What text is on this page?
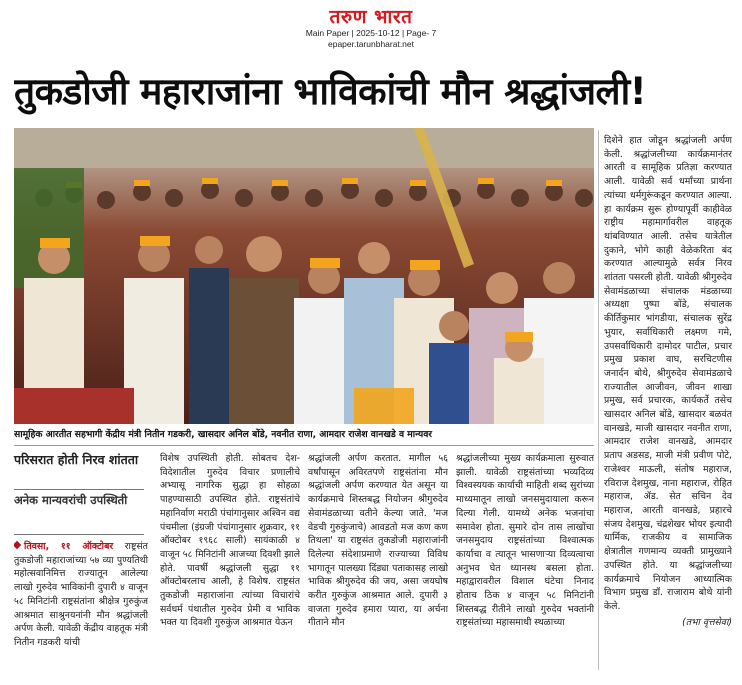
तरुण भारत
Main Paper | 2025-10-12 | Page- 7
epaper.tarunbharat.net
तुकडोजी महाराजांना भाविकांची मौन श्रद्धांजली!
सामूहिक आरतीत सहभागी केंद्रीय मंत्री नितीन गडकरी, खासदार अनिल बोंडे, नवनीत राणा, आमदार राजेश वानखडे व मान्यवर
परिसरात होती निरव शांतता
अनेक मान्यवरांची उपस्थिती

तिवसा, ११ ऑक्टोबर राष्ट्रसंत तुकडोजी महाराजांच्या ५७ व्या पुण्यतिथी महोत्सवानिमित्त राज्यातून आलेल्या लाखो गुरुदेव भाविकांनी दुपारी ४ वाजून ५८ मिनिटांनी राष्ट्रसंतांना श्रीक्षेत्र गुरुकुंज आश्रमात साश्रुनयनांनी मौन श्रद्धांजली अर्पण केली. यावेळी केंद्रीय वाहतूक मंत्री नितीन गडकरी यांची

विशेष उपस्थिती होती. सोबतच देश-विदेशातील गुरुदेव विचार प्रणालीचे अभ्यासू नागरिक सुद्धा हा सोहळा पाहण्यासाठी उपस्थित होते. राष्ट्रसंतांचे महानिर्वाण मराठी पंचांगानुसार अश्विन वद्य पंचमीला (इंग्रजी पंचांगानुसार शुक्रवार, ११ ऑक्टोबर १९६८ साली) सायंकाळी ४ वाजून ५८ मिनिटांनी आजच्या दिवशी झाले होते. पावर्षी श्रद्धांजली सुद्धा ११ ऑक्टोबरलाच आली, हे विशेष. राष्ट्रसंत तुकडोजी महाराजांना त्यांच्या विचारांचे सर्वधर्म पंथातील गुरुदेव प्रेमी व भाविक भक्त या दिवशी गुरुकुंज आश्रमात येऊन

श्रद्धांजली अर्पण करतात. मागील ५६ वर्षांपासून अविरतपणे राष्ट्रसंतांना मौन श्रद्धांजली अर्पण करण्यात येत असून या कार्यक्रमाचे शिस्तबद्ध नियोजन श्रीगुरुदेव सेवामंडळाच्या वतीने केल्या जाते. 'मज वेडची गुरुकुंजाचे) आवडतो मज कण कण तिथला' या राष्ट्रसंत तुकडोजी महाराजांनी दिलेल्या संदेशाप्रमाणे राज्याच्या विविध भागातून पालख्या दिंड्या पताकासह लाखो भाविक श्रीगुरुदेव की जय, असा जयघोष करीत गुरुकुंज आश्रमात आले. दुपारी ३ वाजता गुरुदेव हमारा प्यारा, या अर्चना गीताने मौन

श्रद्धांजलीच्या मुख्य कार्यक्रमाला सुरुवात झाली. यावेळी राष्ट्रसंतांच्या भव्यदिव्य विश्वस्ययक कार्याची माहिती शब्द सुरांच्या माध्यमातून लाखो जनसमुदायाला करून दिल्या गेली. यामध्ये अनेक भजनांचा समावेश होता. सुमारे दोन तास लाखोंचा जनसमुदाय राष्ट्रसंतांच्या विश्वात्मक कार्याचा व त्यातून भासणाऱ्या दिव्यत्वाचा अनुभव घेत ध्यानस्थ बसला होता. महाद्वारावरील विशाल घंटेचा निनाद होताच ठिक ४ वाजून ५८ मिनिटांनी शिस्तबद्ध रीतीने लाखो गुरुदेव भक्तांनी राष्ट्रसंतांच्या महासमाधी स्थळाच्या

दिशेने हात जोडून श्रद्धांजली अर्पण केली. श्रद्धांजलीच्या कार्यक्रमानंतर आरती व सामूहिक प्रतिज्ञा करण्यात आली. यावेळी सर्व धर्मांच्या प्रार्थना त्यांच्या धर्मगुरूंकडून करण्यात आल्या. हा कार्यक्रम सुरू होण्यापूर्वी काहीवेळ राष्ट्रीय महामार्गावरील वाहतूक थांबविण्यात आली. तसेच यात्रेतील दुकाने, भोगे काही वेळेकरिता बंद करण्यात आल्यामुळे सर्वत्र निरव शांतता पसरली होती. यावेळी श्रीगुरुदेव सेवामंडळाच्या संचालक मंडळाच्या अध्यक्षा पुष्पा बोंडे, संचालक कीर्तिकुमार भांगडीया, संचालक सुरेंद्र भुयार, सर्वाधिकारी लक्ष्मण गमे, उपसर्वाधिकारी दामोदर पाटील, प्रचार प्रमुख प्रकाश वाघ, सरचिटणीस जनार्दन बोथे, श्रीगुरुदेव सेवामंडळाचे राज्यातील आजीवन, जीवन शाखा प्रमुख, सर्व प्रचारक, कार्यकर्ते तसेच खासदार अनिल बोंडे, खासदार बळवंत वानखडे, माजी खासदार नवनीत राणा, आमदार राजेश वानखडे, आमदार प्रताप अडसड, माजी मंत्री प्रवीण पोटे, राजेश्वर माऊली, संतोष महाराज, रविराज देशमुख, नाना महाराज, रोहित महाराज, ॲड. सेत सचिन देव महाराज, आरती वानखडे, प्रहारचे संजय देशमुख, चंद्रशेखर भोयर इत्यादी धार्मिक, राजकीय व सामाजिक क्षेत्रातील गणमान्य व्यक्ती प्रामुख्याने उपस्थित होते. या श्रद्धांजलीच्या कार्यक्रमाचे नियोजन आध्यात्मिक विभाग प्रमुख डॉ. राजाराम बोथे यांनी केले.

(तभा वृत्तसेवा)
